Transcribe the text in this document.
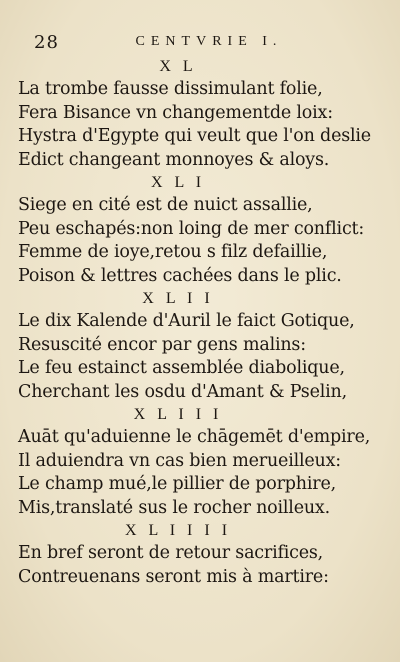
28	CENTVRIE I.
X L
La trombe fausse dissimulant folie,
Fera Bisance vn changementde loix:
Hystra d'Egypte qui veult que l'on deslie
Edict changeant monnoyes & aloys.
X L I
Siege en cité est de nuict assallie,
Peu eschapés:non loing de mer conflict:
Femme de ioye,retou s filz defaillie,
Poison & lettres cachées dans le plic.
X L I I
Le dix Kalende d'Auril le faict Gotique,
Resuscité encor par gens malins:
Le feu estainct assemblée diabolique,
Cherchant les osdu d'Amant & Pselin,
X L I I I
Auāt qu'aduienne le chāgemēt d'empire,
Il aduiendra vn cas bien merueilleux:
Le champ mué,le pillier de porphire,
Mis,translaté sus le rocher noilleux.
X L I I I I
En bref seront de retour sacrifices,
Contreuenans seront mis à martire:
